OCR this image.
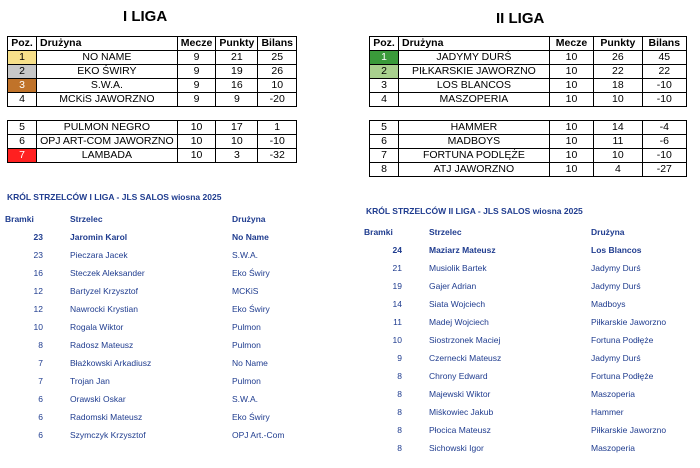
I LIGA	II LIGA
Poz.	Drużyna	Mecze	Punkty	Bilans
1	NO NAME	9	21	25
2	EKO ŚWIRY	9	19	26
3	S.W.A.	9	16	10
4	MCKiS JAWORZNO	9	9	-20

5	PULMON NEGRO	10	17	1
6	OPJ ART-COM JAWORZNO	10	10	-10
7	LAMBADA	10	3	-32
Poz.	Drużyna	Mecze	Punkty	Bilans
1	JADYMY DURŚ	10	26	45
2	PIŁKARSKIE JAWORZNO	10	22	22
3	LOS BLANCOS	10	18	-10
4	MASZOPERIA	10	10	-10

5	HAMMER	10	14	-4
6	MADBOYS	10	11	-6
7	FORTUNA PODLĘŻE	10	10	-10
8	ATJ JAWORZNO	10	4	-27
KRÓL STRZELCÓW I LIGA - JLS SALOS wiosna 2025
KRÓL STRZELCÓW II LIGA - JLS SALOS wiosna 2025
Bramki	Strzelec	Drużyna
23	Jaromin Karol	No Name
23	Pieczara Jacek	S.W.A.
16	Steczek Aleksander	Eko Świry
12	Bartyzel Krzysztof	MCKiS
12	Nawrocki Krystian	Eko Świry
10	Rogala Wiktor	Pulmon
8	Radosz Mateusz	Pulmon
7	Błażkowski Arkadiusz	No Name
7	Trojan Jan	Pulmon
6	Orawski Oskar	S.W.A.
6	Radomski Mateusz	Eko Świry
6	Szymczyk Krzysztof	OPJ Art.-Com
Bramki	Strzelec	Drużyna
24	Maziarz Mateusz	Los Blancos
21	Musiolik Bartek	Jadymy Durś
19	Gajer Adrian	Jadymy Durś
14	Siata Wojciech	Madboys
11	Madej Wojciech	Piłkarskie Jaworzno
10	Siostrzonek Maciej	Fortuna Podłęże
9	Czernecki Mateusz	Jadymy Durś
8	Chrony Edward	Fortuna Podłęże
8	Majewski Wiktor	Maszoperia
8	Miśkowiec Jakub	Hammer
8	Płocica Mateusz	Piłkarskie Jaworzno
8	Sichowski Igor	Maszoperia
